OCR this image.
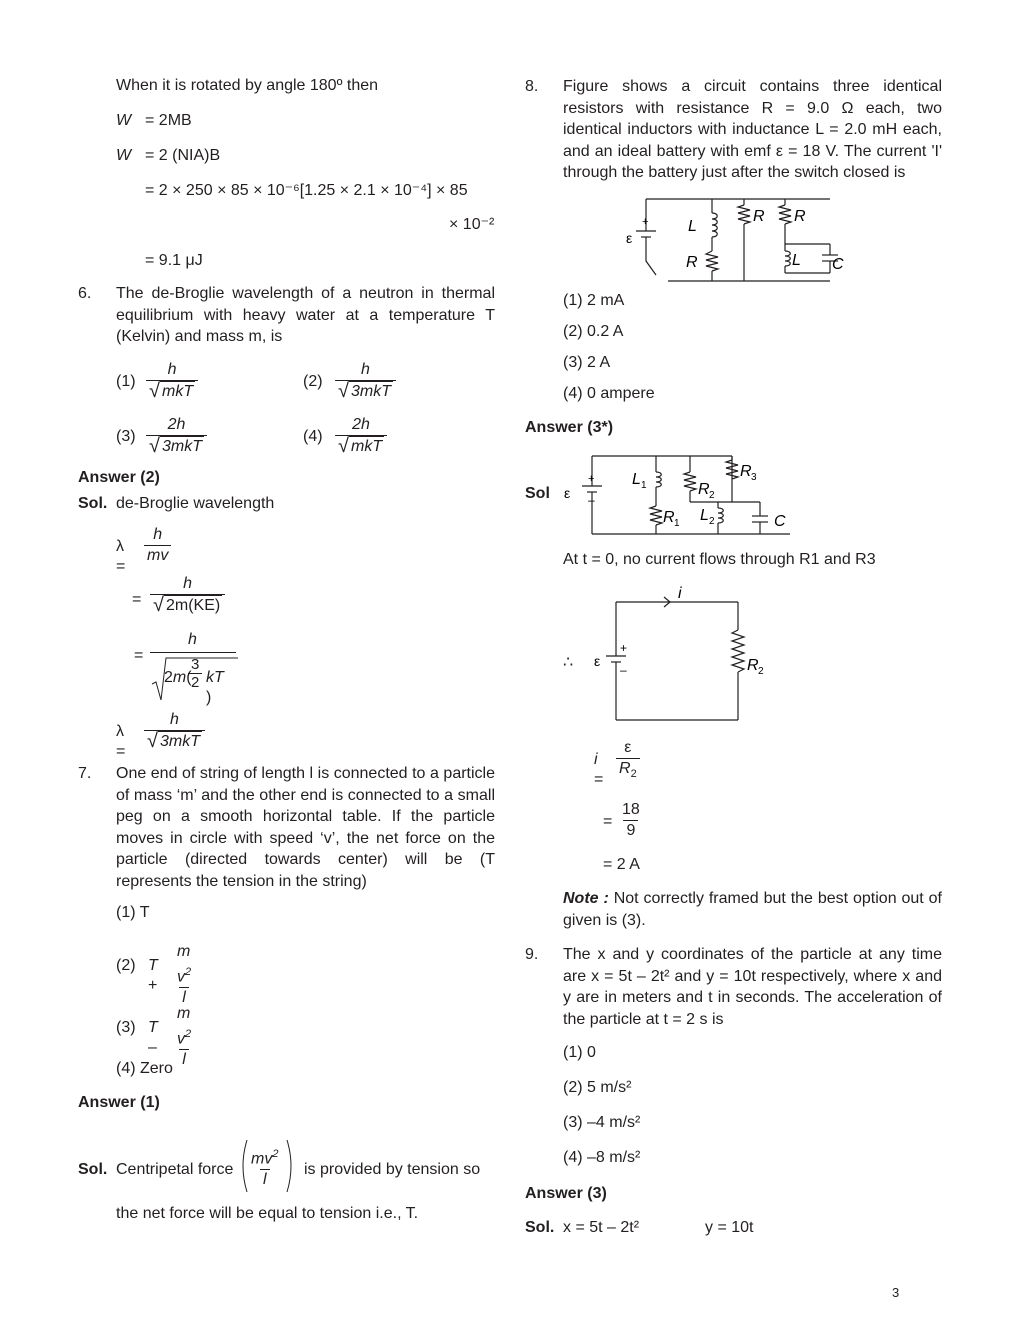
When it is rotated by angle 180º then
W = 2MB
W = 2 (NIA)B
= 2 × 250 × 85 × 10⁻⁶[1.25 × 2.1 × 10⁻⁴] × 85
× 10⁻²
= 9.1 μJ
6. The de-Broglie wavelength of a neutron in thermal equilibrium with heavy water at a temperature T (Kelvin) and mass m, is
(1)
h
√ mkT
(2)
h
√ 3mkT
(3)
2h
√ 3mkT
(4)
2h
√ mkT
Answer (2)
Sol. de-Broglie wavelength
λ =
$\frac{h}{mv}$
= $\frac{h}{√ 2m(KE)}$
=
h
2m(
$\frac{3}{2}$ kT )
λ =
h
√ 3mkT
7. One end of string of length l is connected to a particle of mass ‘m’ and the other end is connected to a small peg on a smooth horizontal table. If the particle moves in circle with speed ‘v’, the net force on the particle (directed towards center) will be (T represents the tension in the string)
(1) T
(2) $T + \frac{m v^2}{l}$
(3) T – $\frac{m v^2}{l}$
(4) Zero
Answer (1)
Sol. Centripetal force $\frac{mv^2}{l}$ is provided by tension so
the net force will be equal to tension i.e., T.
8. Figure shows a circuit contains three identical resistors with resistance R = 9.0 Ω each, two identical inductors with inductance L = 2.0 mH each, and an ideal battery with emf ε = 18 V. The current 'I' through the battery just after the switch closed is
+
ε
L
R
R R
L C
(1) 2 mA
(2) 0.2 A
(3) 2 A
(4) 0 ampere
Answer (3*)
Sol
+
–
ε
L 1
R 1
R 2
L 2
R 3
C
At t = 0, no current flows through R1 and R3
∴
+
–
ε
i
R 2
$i = \frac{\varepsilon}{R_2}$
= $\frac{18}{9}$
= 2 A
Note : Not correctly framed but the best option out of given is (3).
9. The x and y coordinates of the particle at any time are x = 5t – 2t² and y = 10t respectively, where x and y are in meters and t in seconds. The acceleration of the particle at t = 2 s is
(1) 0
(2) 5 m/s²
(3) –4 m/s²
(4) –8 m/s²
Answer (3)
Sol. x = 5t – 2t²	y = 10t
3
